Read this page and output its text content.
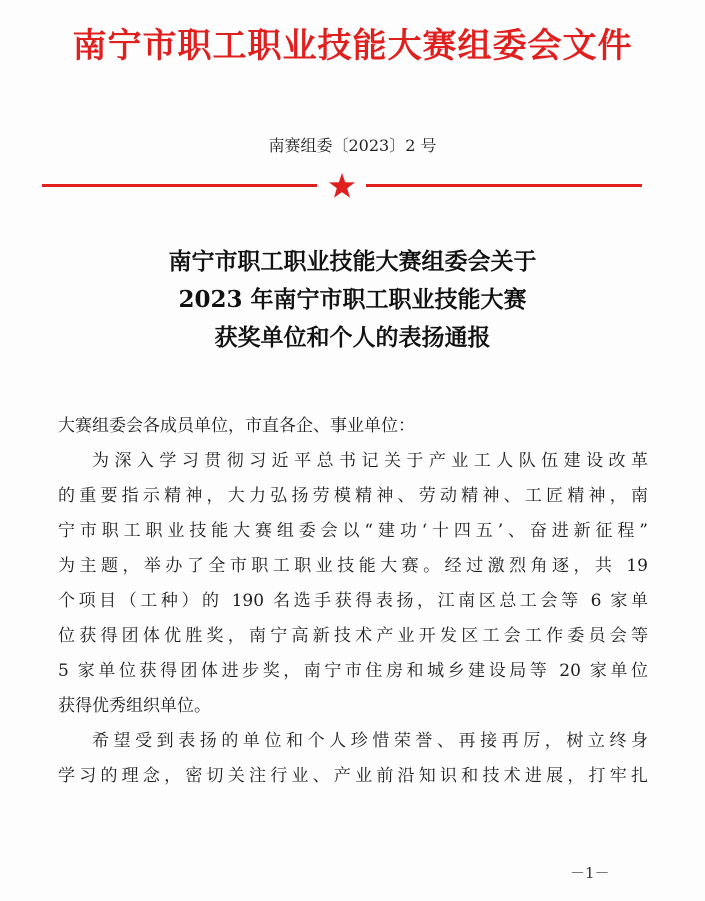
南宁市职工职业技能大赛组委会文件
南赛组委〔2023〕2 号
南宁市职工职业技能大赛组委会关于
2023 年南宁市职工职业技能大赛
获奖单位和个人的表扬通报
大赛组委会各成员单位，市直各企、事业单位：
为深入学习贯彻习近平总书记关于产业工人队伍建设改革
的重要指示精神，大力弘扬劳模精神、劳动精神、工匠精神，南
宁市职工职业技能大赛组委会以“建功‘十四五’、奋进新征程”
为主题，举办了全市职工职业技能大赛。经过激烈角逐，共 19
个项目（工种）的 190 名选手获得表扬，江南区总工会等 6 家单
位获得团体优胜奖，南宁高新技术产业开发区工会工作委员会等
5 家单位获得团体进步奖，南宁市住房和城乡建设局等 20 家单位
获得优秀组织单位。
希望受到表扬的单位和个人珍惜荣誉、再接再厉，树立终身
学习的理念，密切关注行业、产业前沿知识和技术进展，打牢扎
－1－
